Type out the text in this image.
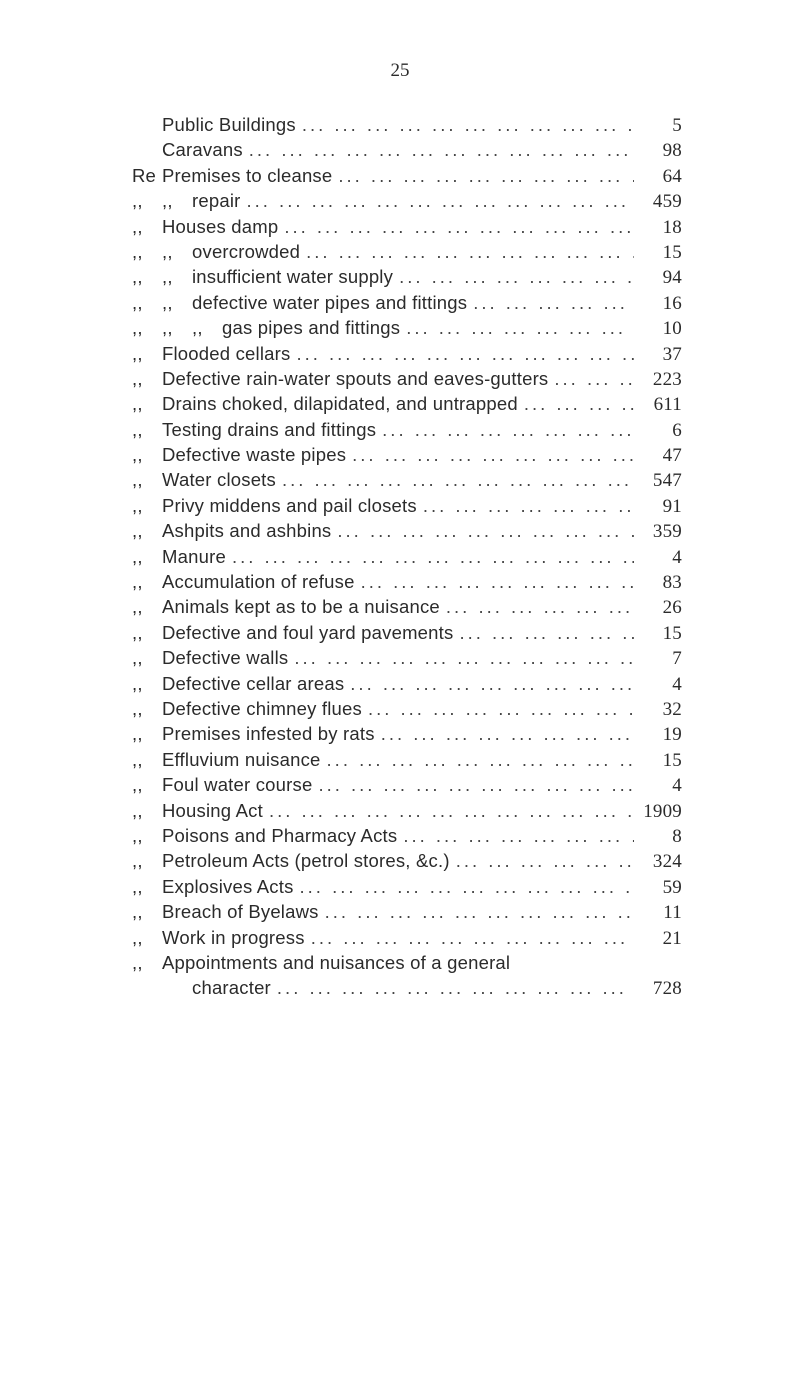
25
Public Buildings ... .	5
Caravans ... .	98
Re Premises to cleanse ... .	64
,,	,,	repair ... .	459
,,	Houses damp ... .	18
,,	,,	overcrowded ... .	15
,,	,,	insufficient water supply ... .	94
,,	,,	defective water pipes and fittings ... .	16
,,	,,	,,	gas pipes and fittings ... .	10
,,	Flooded cellars ... .	37
,,	Defective rain-water spouts and eaves-gutters ... .	223
,,	Drains choked, dilapidated, and untrapped ... .	611
,,	Testing drains and fittings ... .	6
,,	Defective waste pipes ... .	47
,,	Water closets ... .	547
,,	Privy middens and pail closets ... .	91
,,	Ashpits and ashbins ... .	359
,,	Manure ... .	4
,,	Accumulation of refuse ... .	83
,,	Animals kept as to be a nuisance ... .	26
,,	Defective and foul yard pavements ... .	15
,,	Defective walls ... .	7
,,	Defective cellar areas ... .	4
,,	Defective chimney flues ... .	32
,,	Premises infested by rats ... .	19
,,	Effluvium nuisance ... .	15
,,	Foul water course ... .	4
,,	Housing Act ... .	1909
,,	Poisons and Pharmacy Acts ... .	8
,,	Petroleum Acts (petrol stores, &c.) ... .	324
,,	Explosives Acts ... .	59
,,	Breach of Byelaws ... .	11
,,	Work in progress ... .	21
,,	Appointments and nuisances of a general
character ... .	728
